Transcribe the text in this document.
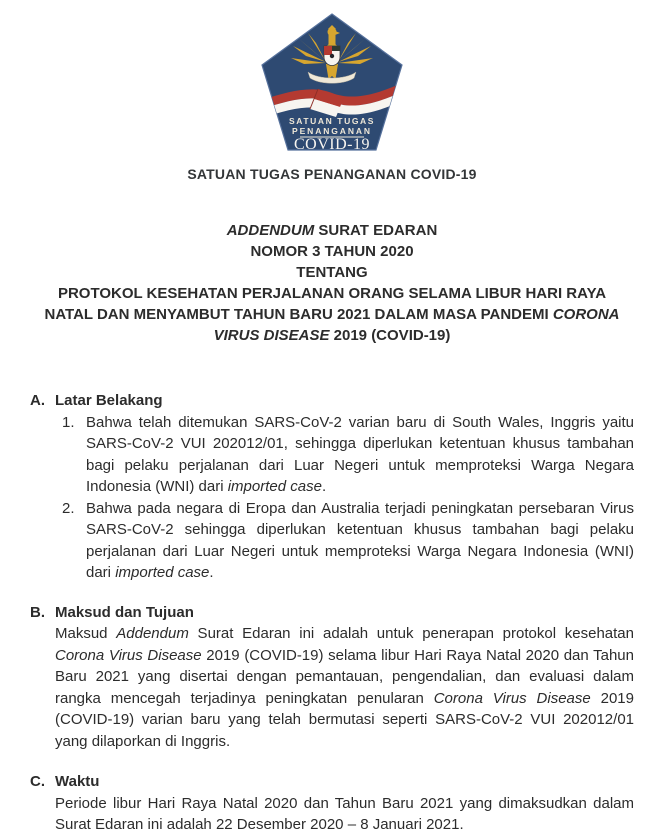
SATUAN TUGAS
PENANGANAN
COVID-19
SATUAN TUGAS PENANGANAN COVID-19
ADDENDUM SURAT EDARAN
NOMOR 3 TAHUN 2020
TENTANG
PROTOKOL KESEHATAN PERJALANAN ORANG SELAMA LIBUR HARI RAYA
NATAL DAN MENYAMBUT TAHUN BARU 2021 DALAM MASA PANDEMI CORONA
VIRUS DISEASE 2019 (COVID-19)
A. Latar Belakang
1. Bahwa telah ditemukan SARS-CoV-2 varian baru di South Wales, Inggris yaitu SARS-CoV-2 VUI 202012/01, sehingga diperlukan ketentuan khusus tambahan bagi pelaku perjalanan dari Luar Negeri untuk memproteksi Warga Negara Indonesia (WNI) dari imported case.
2. Bahwa pada negara di Eropa dan Australia terjadi peningkatan persebaran Virus SARS-CoV-2 sehingga diperlukan ketentuan khusus tambahan bagi pelaku perjalanan dari Luar Negeri untuk memproteksi Warga Negara Indonesia (WNI) dari imported case.
B. Maksud dan Tujuan
Maksud Addendum Surat Edaran ini adalah untuk penerapan protokol kesehatan Corona Virus Disease 2019 (COVID-19) selama libur Hari Raya Natal 2020 dan Tahun Baru 2021 yang disertai dengan pemantauan, pengendalian, dan evaluasi dalam rangka mencegah terjadinya peningkatan penularan Corona Virus Disease 2019 (COVID-19) varian baru yang telah bermutasi seperti SARS-CoV-2 VUI 202012/01 yang dilaporkan di Inggris.
C. Waktu
Periode libur Hari Raya Natal 2020 dan Tahun Baru 2021 yang dimaksudkan dalam Surat Edaran ini adalah 22 Desember 2020 – 8 Januari 2021.
